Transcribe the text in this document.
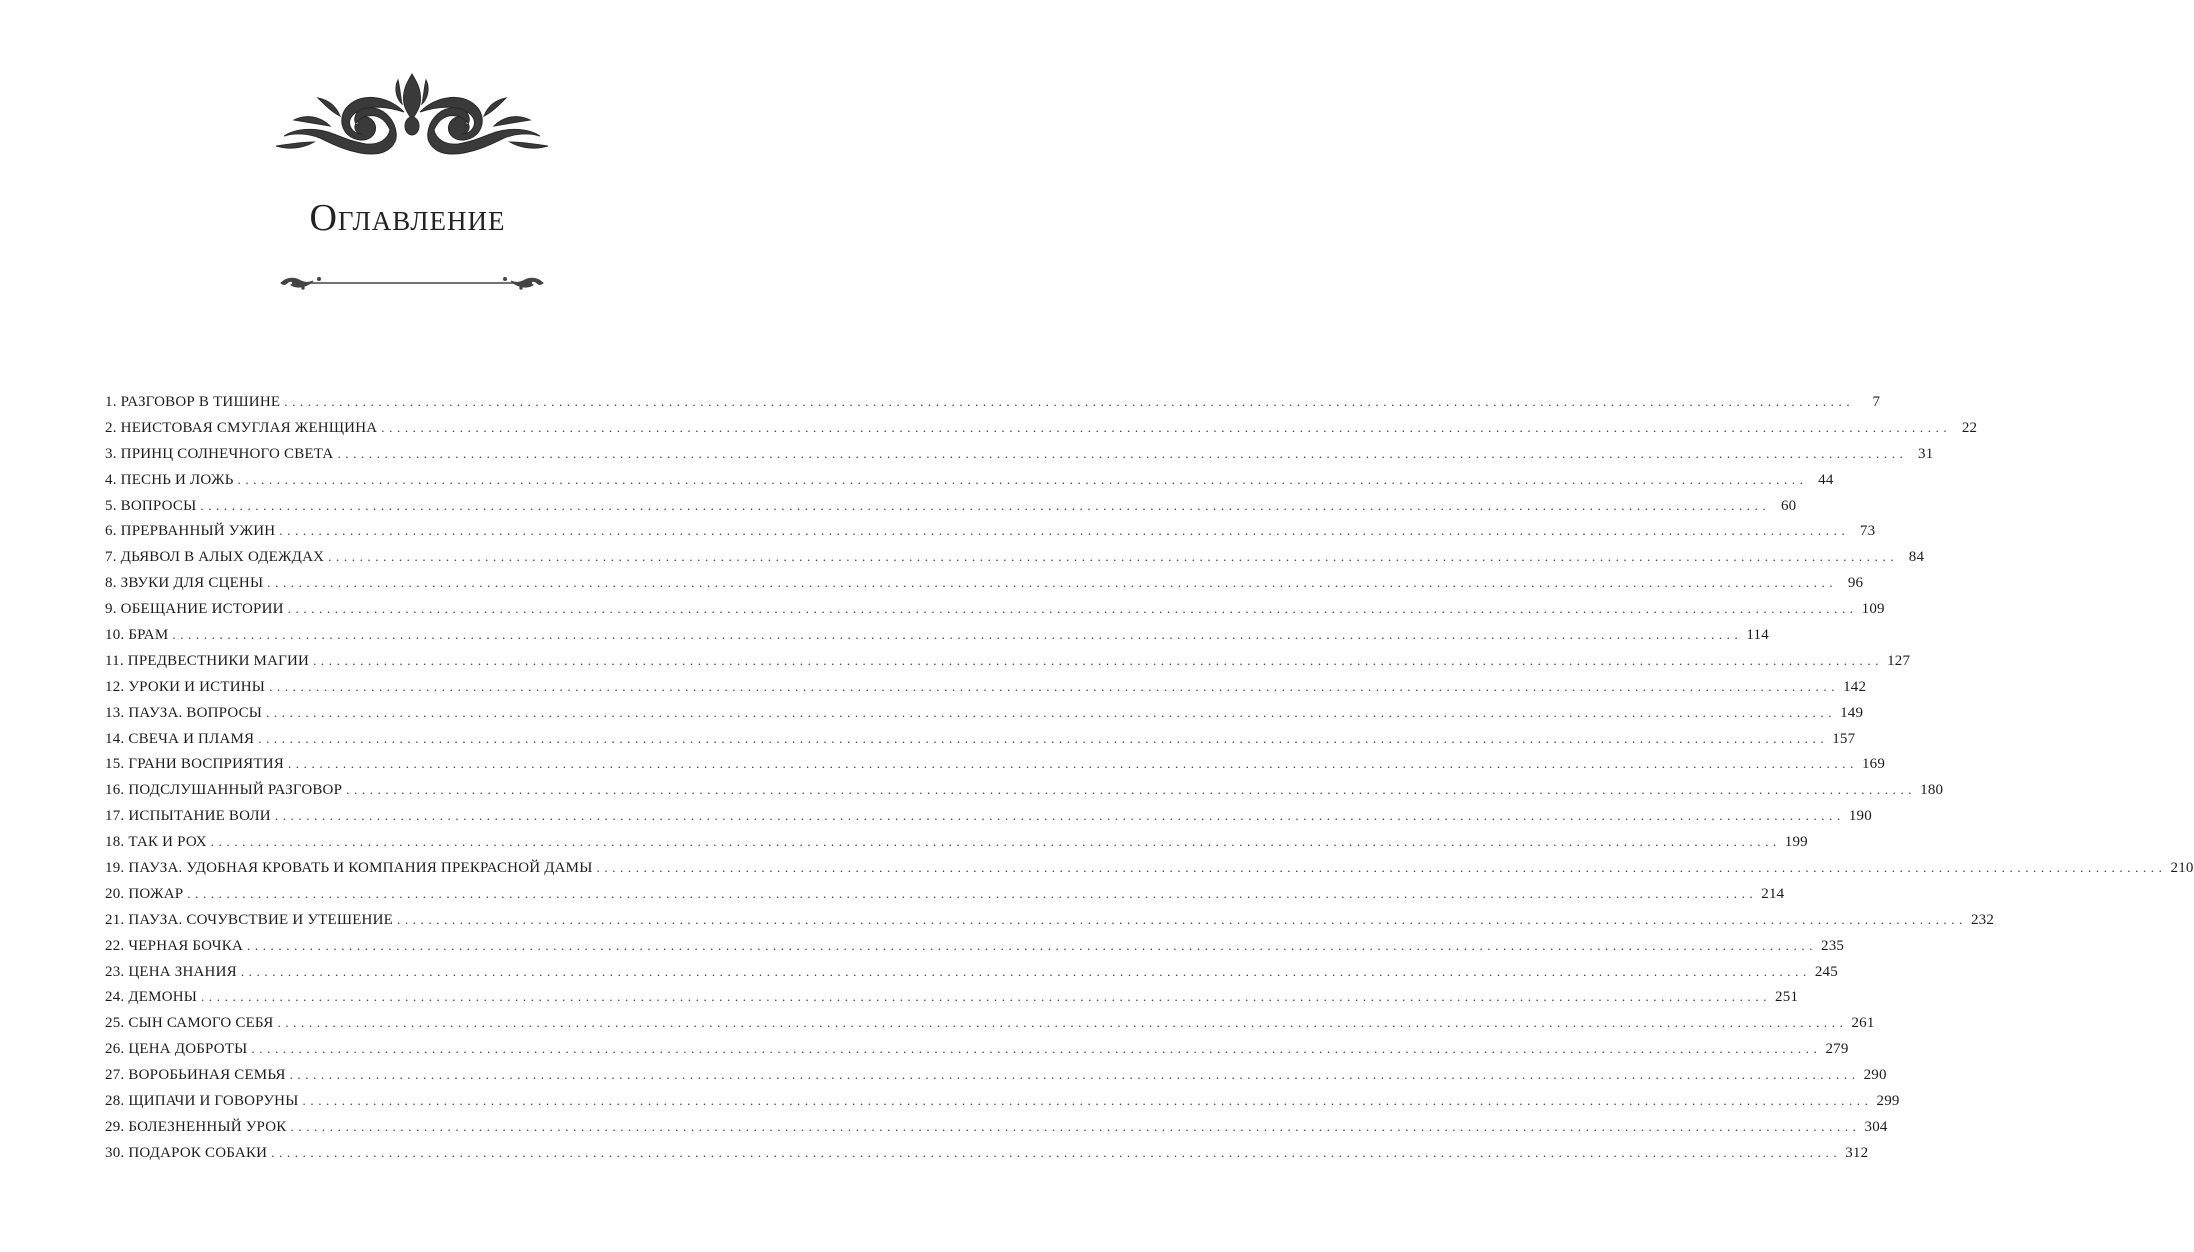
Оглавление
1. РАЗГОВОР В ТИШИНЕ ........................................................................................................................................................................................................	7
2. НЕИСТОВАЯ СМУГЛАЯ ЖЕНЩИНА ........................................................................................................................................................................................................ 22
3. ПРИНЦ СОЛНЕЧНОГО СВЕТА ........................................................................................................................................................................................................ 31
4. ПЕСНЬ И ЛОЖЬ ........................................................................................................................................................................................................ 44
5. ВОПРОСЫ ........................................................................................................................................................................................................ 60
6. ПРЕРВАННЫЙ УЖИН ........................................................................................................................................................................................................ 73
7. ДЬЯВОЛ В АЛЫХ ОДЕЖДАХ ........................................................................................................................................................................................................ 84
8. ЗВУКИ ДЛЯ СЦЕНЫ ........................................................................................................................................................................................................ 96
9. ОБЕЩАНИЕ ИСТОРИИ ........................................................................................................................................................................................................ 109
10. БРАМ ........................................................................................................................................................................................................ 114
11. ПРЕДВЕСТНИКИ МАГИИ ........................................................................................................................................................................................................ 127
12. УРОКИ И ИСТИНЫ ........................................................................................................................................................................................................ 142
13. ПАУЗА. ВОПРОСЫ ........................................................................................................................................................................................................ 149
14. СВЕЧА И ПЛАМЯ ........................................................................................................................................................................................................ 157
15. ГРАНИ ВОСПРИЯТИЯ ........................................................................................................................................................................................................ 169
16. ПОДСЛУШАННЫЙ РАЗГОВОР ........................................................................................................................................................................................................ 180
17. ИСПЫТАНИЕ ВОЛИ ........................................................................................................................................................................................................ 190
18. ТАК И РОХ ........................................................................................................................................................................................................ 199
19. ПАУЗА. УДОБНАЯ КРОВАТЬ И КОМПАНИЯ ПРЕКРАСНОЙ ДАМЫ ........................................................................................................................................................................................................ 210
20. ПОЖАР ........................................................................................................................................................................................................ 214
21. ПАУЗА. СОЧУВСТВИЕ И УТЕШЕНИЕ ........................................................................................................................................................................................................ 232
22. ЧЕРНАЯ БОЧКА ........................................................................................................................................................................................................ 235
23. ЦЕНА ЗНАНИЯ ........................................................................................................................................................................................................ 245
24. ДЕМОНЫ ........................................................................................................................................................................................................ 251
25. СЫН САМОГО СЕБЯ ........................................................................................................................................................................................................ 261
26. ЦЕНА ДОБРОТЫ ........................................................................................................................................................................................................ 279
27. ВОРОБЬИНАЯ СЕМЬЯ ........................................................................................................................................................................................................ 290
28. ЩИПАЧИ И ГОВОРУНЫ ........................................................................................................................................................................................................ 299
29. БОЛЕЗНЕННЫЙ УРОК ........................................................................................................................................................................................................ 304
30. ПОДАРОК СОБАКИ ........................................................................................................................................................................................................ 312
